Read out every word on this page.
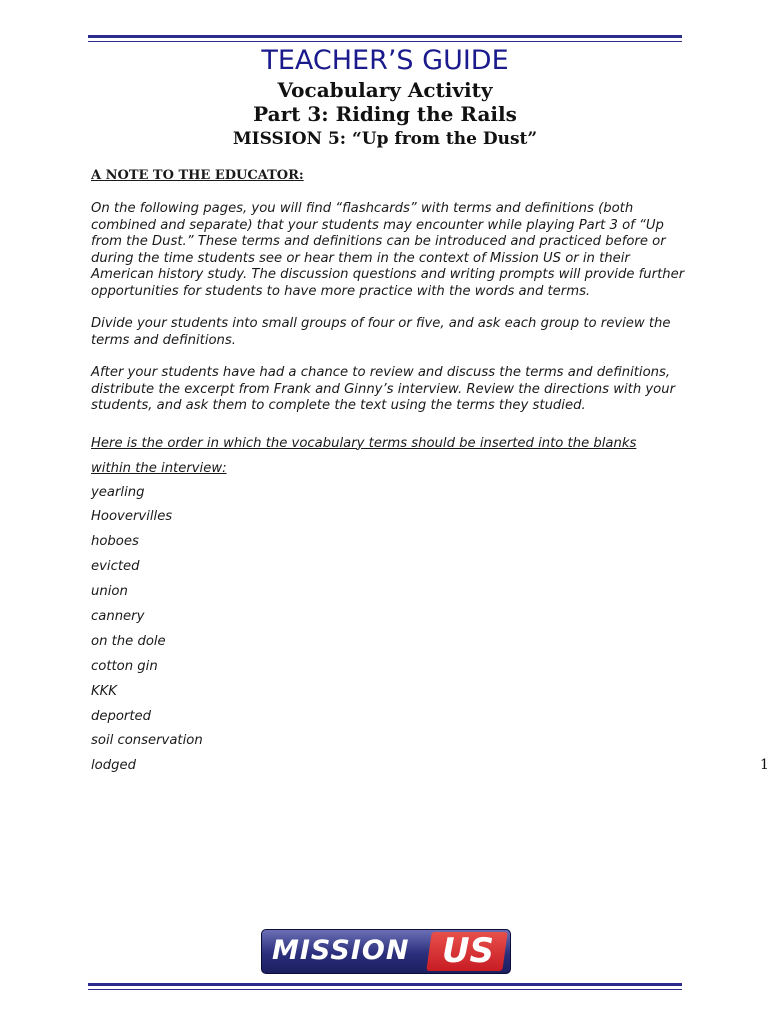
TEACHER’S GUIDE
Vocabulary Activity
Part 3: Riding the Rails
MISSION 5: “Up from the Dust”
A NOTE TO THE EDUCATOR:

On the following pages, you will find “flashcards” with terms and definitions (both combined and separate) that your students may encounter while playing Part 3 of “Up from the Dust.” These terms and definitions can be introduced and practiced before or during the time students see or hear them in the context of Mission US or in their American history study. The discussion questions and writing prompts will provide further opportunities for students to have more practice with the words and terms.

Divide your students into small groups of four or five, and ask each group to review the terms and definitions.

After your students have had a chance to review and discuss the terms and definitions, distribute the excerpt from Frank and Ginny’s interview. Review the directions with your students, and ask them to complete the text using the terms they studied.

Here is the order in which the vocabulary terms should be inserted into the blanks

within the interview:

yearling
Hoovervilles
hoboes
evicted
union
cannery
on the dole
cotton gin
KKK
deported
soil conservation
lodged	1
MISSION US
